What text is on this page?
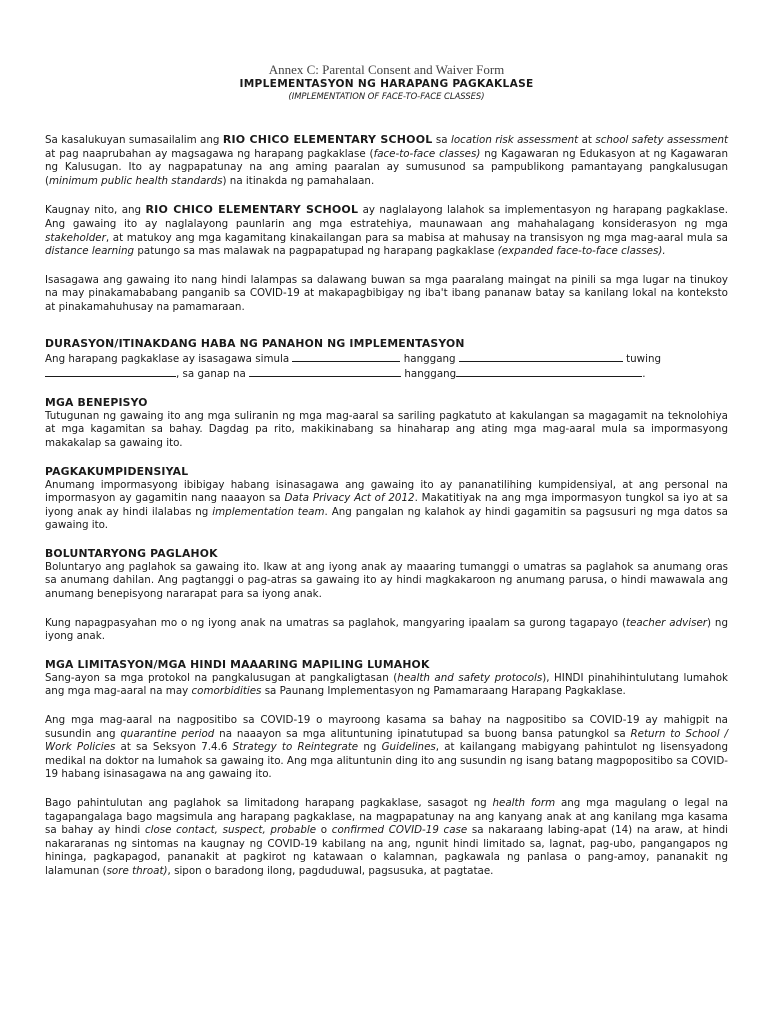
Annex C: Parental Consent and Waiver Form
IMPLEMENTASYON NG HARAPANG PAGKAKLASE
(IMPLEMENTATION OF FACE-TO-FACE CLASSES)

Sa kasalukuyan sumasailalim ang RIO CHICO ELEMENTARY SCHOOL sa location risk assessment at school safety assessment at pag naaprubahan ay magsagawa ng harapang pagkaklase (face-to-face classes) ng Kagawaran ng Edukasyon at ng Kagawaran ng Kalusugan. Ito ay nagpapatunay na ang aming paaralan ay sumusunod sa pampublikong pamantayang pangkalusugan (minimum public health standards) na itinakda ng pamahalaan.

Kaugnay nito, ang RIO CHICO ELEMENTARY SCHOOL ay naglalayong lalahok sa implementasyon ng harapang pagkaklase. Ang gawaing ito ay naglalayong paunlarin ang mga estratehiya, maunawaan ang mahahalagang konsiderasyon ng mga stakeholder, at matukoy ang mga kagamitang kinakailangan para sa mabisa at mahusay na transisyon ng mga mag-aaral mula sa distance learning patungo sa mas malawak na pagpapatupad ng harapang pagkaklase (expanded face-to-face classes).

Isasagawa ang gawaing ito nang hindi lalampas sa dalawang buwan sa mga paaralang maingat na pinili sa mga lugar na tinukoy na may pinakamababang panganib sa COVID-19 at makapagbibigay ng iba't ibang pananaw batay sa kanilang lokal na konteksto at pinakamahuhusay na pamamaraan.

DURASYON/ITINAKDANG HABA NG PANAHON NG IMPLEMENTASYON

Ang harapang pagkaklase ay isasagawa simula	hanggang	tuwing
, sa ganap na	hanggang	.

MGA BENEPISYO

Tutugunan ng gawaing ito ang mga suliranin ng mga mag-aaral sa sariling pagkatuto at kakulangan sa magagamit na teknolohiya at mga kagamitan sa bahay. Dagdag pa rito, makikinabang sa hinaharap ang ating mga mag-aaral mula sa impormasyong makakalap sa gawaing ito.

PAGKAKUMPIDENSIYAL

Anumang impormasyong ibibigay habang isinasagawa ang gawaing ito ay pananatilihing kumpidensiyal, at ang personal na impormasyon ay gagamitin nang naaayon sa Data Privacy Act of 2012. Makatitiyak na ang mga impormasyon tungkol sa iyo at sa iyong anak ay hindi ilalabas ng implementation team. Ang pangalan ng kalahok ay hindi gagamitin sa pagsusuri ng mga datos sa gawaing ito.

BOLUNTARYONG PAGLAHOK

Boluntaryo ang paglahok sa gawaing ito. Ikaw at ang iyong anak ay maaaring tumanggi o umatras sa paglahok sa anumang oras sa anumang dahilan. Ang pagtanggi o pag-atras sa gawaing ito ay hindi magkakaroon ng anumang parusa, o hindi mawawala ang anumang benepisyong nararapat para sa iyong anak.

Kung napagpasyahan mo o ng iyong anak na umatras sa paglahok, mangyaring ipaalam sa gurong tagapayo (teacher adviser) ng iyong anak.

MGA LIMITASYON/MGA HINDI MAAARING MAPILING LUMAHOK

Sang-ayon sa mga protokol na pangkalusugan at pangkaligtasan (health and safety protocols), HINDI pinahihintulutang lumahok ang mga mag-aaral na may comorbidities sa Paunang Implementasyon ng Pamamaraang Harapang Pagkaklase.

Ang mga mag-aaral na nagpositibo sa COVID-19 o mayroong kasama sa bahay na nagpositibo sa COVID-19 ay mahigpit na susundin ang quarantine period na naaayon sa mga alituntuning ipinatutupad sa buong bansa patungkol sa Return to School / Work Policies at sa Seksyon 7.4.6 Strategy to Reintegrate ng Guidelines, at kailangang mabigyang pahintulot ng lisensyadong medikal na doktor na lumahok sa gawaing ito. Ang mga alituntunin ding ito ang susundin ng isang batang magpopositibo sa COVID-19 habang isinasagawa na ang gawaing ito.

Bago pahintulutan ang paglahok sa limitadong harapang pagkaklase, sasagot ng health form ang mga magulang o legal na tagapangalaga bago magsimula ang harapang pagkaklase, na magpapatunay na ang kanyang anak at ang kanilang mga kasama sa bahay ay hindi close contact, suspect, probable o confirmed COVID-19 case sa nakaraang labing-apat (14) na araw, at hindi nakararanas ng sintomas na kaugnay ng COVID-19 kabilang na ang, ngunit hindi limitado sa, lagnat, pag-ubo, pangangapos ng hininga, pagkapagod, pananakit at pagkirot ng katawaan o kalamnan, pagkawala ng panlasa o pang-amoy, pananakit ng lalamunan (sore throat), sipon o baradong ilong, pagduduwal, pagsusuka, at pagtatae.
